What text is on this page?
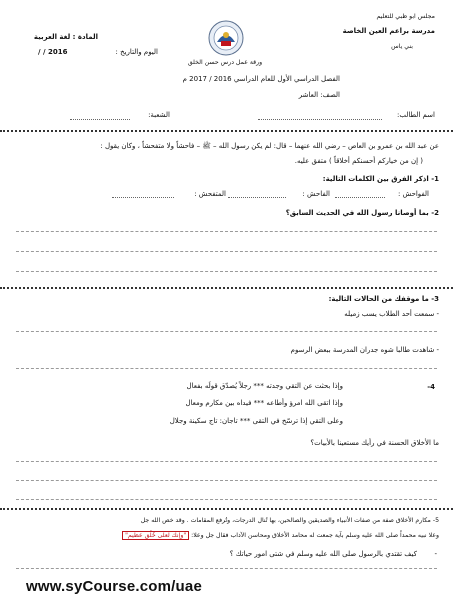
مجلس ابو ظبي للتعليم
مدرسة براعم العين الخاصة
بني ياس
المادة : لغة العربية
اليوم والتاريخ :
/ / 2016
ورقة عمل درس حسن الخلق
الفصل الدراسي الأول للعام الدراسي 2016 / 2017 م
الصف: العاشر
اسم الطالب:
الشعبة:
عن عبد الله بن عمرو بن العاص – رضي الله عنهما – قال: لم يكن رسول الله – ﷺ – فاحشاً ولا متفحشاً ، وكان يقول :
( إن من خياركم أحسنكم أخلاقاً ) متفق عليه.
1- اذكر الفرق بين الكلمات التالية:
الفواحش :
الفاحش :
المتفحش :
2- بما أوصانا رسول الله في الحديث السابق؟
3- ما موقفك من الحالات التالية:
- سمعت أحد الطلاب يسب زميله
- شاهدت طالبا شوه جدران المدرسة ببعض الرسوم
4-
وإذا بحثت عن التقي وجدته *** رجلاً يُصدّق قولَه بفعال
وإذا اتقى الله امرؤ وأطاعه *** فيداه بين مكارم ومعال
وعلى التقي إذا ترسّخ في التقى *** تاجان: تاج سكينة وجلال
ما الأخلاق الحسنة في رأيك مستعينا بالأبيات؟
5- مكارم الأخلاق صفة من صفات الأنبياء والصديقين والصالحين، بها تُنال الدرجات، وتُرفع المقامات . وقد خص الله جل
وعلا نبيه محمداً صلى الله عليه وسلم بآية جمعت له محامد الأخلاق ومحاسن الآداب فقال جل وعلا: "وإنك لعلى خُلُق عظيم"
كيف تقتدي بالرسول صلى الله عليه وسلم في شتى امور حياتك ؟ -
www.syCourse.com/uae
